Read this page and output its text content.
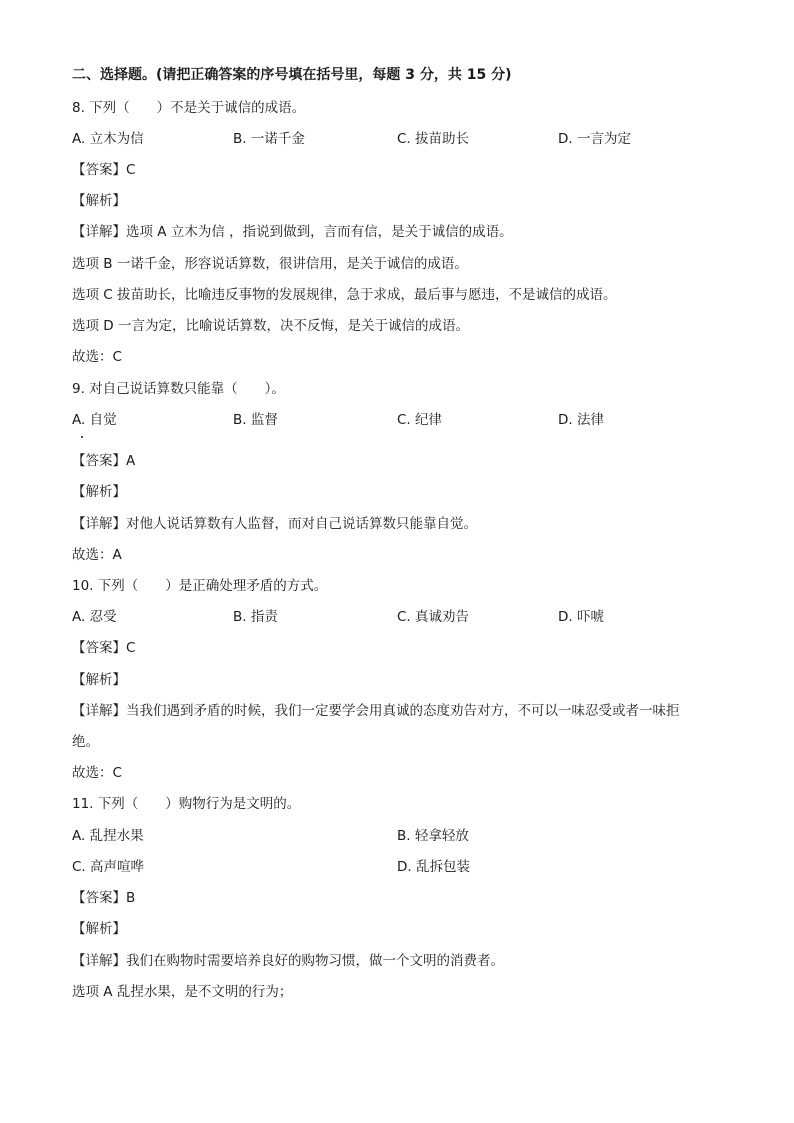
二、选择题。(请把正确答案的序号填在括号里，每题 3 分，共 15 分)
8. 下列（　　）不是关于诚信的成语。
A. 立木为信	B. 一诺千金	C. 拔苗助长	D. 一言为定
【答案】C
【解析】
【详解】选项 A 立木为信 ，指说到做到，言而有信，是关于诚信的成语。
选项 B 一诺千金，形容说话算数，很讲信用，是关于诚信的成语。
选项 C 拔苗助长，比喻违反事物的发展规律，急于求成，最后事与愿违，不是诚信的成语。
选项 D 一言为定，比喻说话算数，决不反悔，是关于诚信的成语。
故选：C
9. 对自己说话算数只能靠（　　）。
A. 自觉	B. 监督	C. 纪律	D. 法律
【答案】A
【解析】
【详解】对他人说话算数有人监督，而对自己说话算数只能靠自觉。
故选：A
10. 下列（　　）是正确处理矛盾的方式。
A. 忍受	B. 指责	C. 真诚劝告	D. 吓唬
【答案】C
【解析】
【详解】当我们遇到矛盾的时候，我们一定要学会用真诚的态度劝告对方，不可以一味忍受或者一味拒
绝。
故选：C
11. 下列（　　）购物行为是文明的。
A. 乱捏水果	B. 轻拿轻放
C. 高声喧哗	D. 乱拆包装
【答案】B
【解析】
【详解】我们在购物时需要培养良好的购物习惯，做一个文明的消费者。
选项 A 乱捏水果，是不文明的行为；
